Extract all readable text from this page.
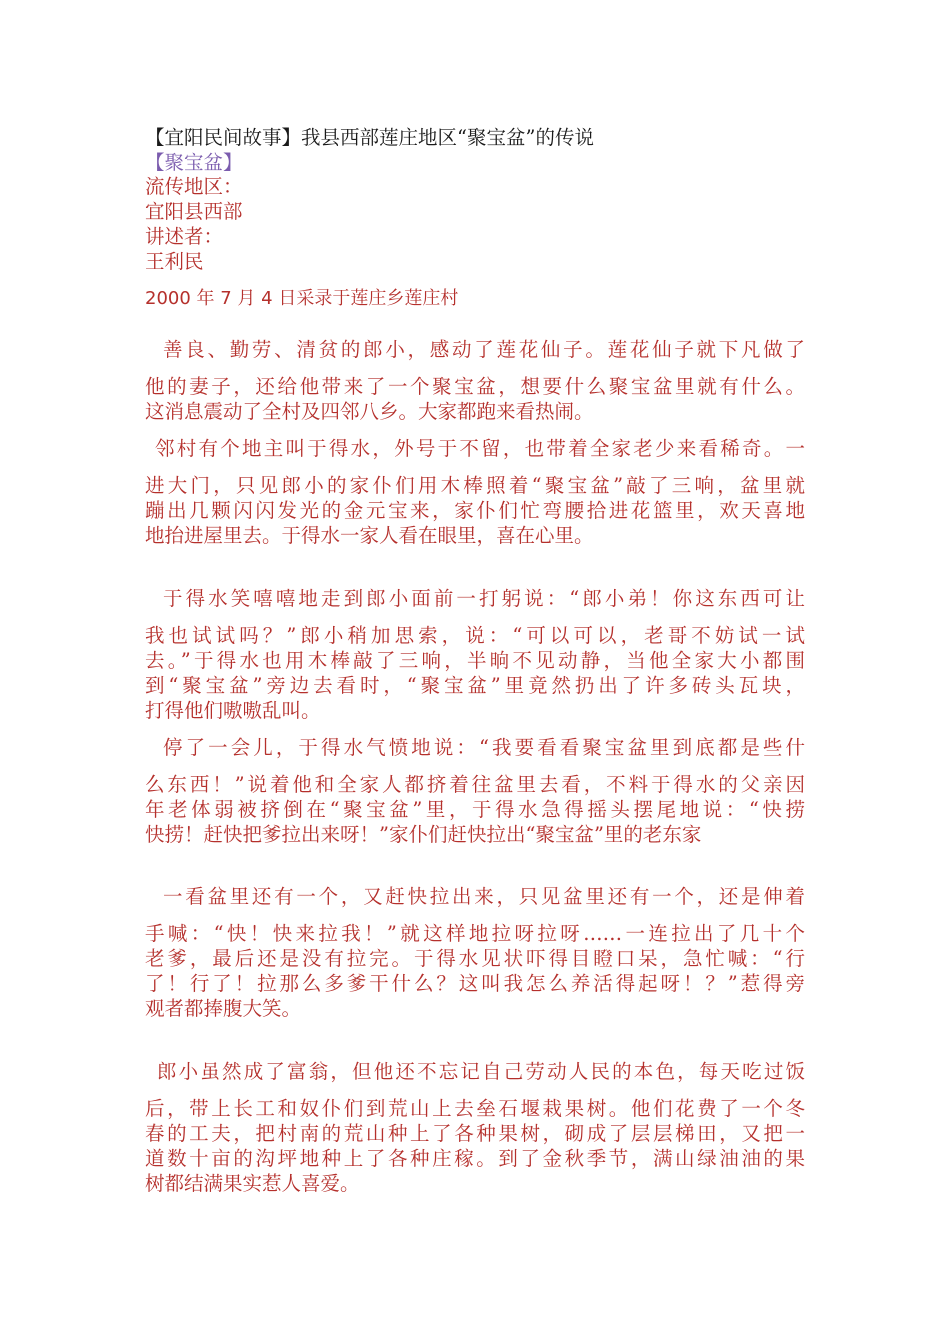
【宜阳民间故事】我县西部莲庄地区“聚宝盆”的传说
【聚宝盆】
流传地区：
宜阳县西部
讲述者：
王利民
2000 年 7 月 4 日采录于莲庄乡莲庄村
善良、勤劳、清贫的郎小，感动了莲花仙子。莲花仙子就下凡做了
他的妻子，还给他带来了一个聚宝盆，想要什么聚宝盆里就有什么。
这消息震动了全村及四邻八乡。大家都跑来看热闹。
邻村有个地主叫于得水，外号于不留，也带着全家老少来看稀奇。一
进大门，只见郎小的家仆们用木棒照着“聚宝盆”敲了三响，盆里就
蹦出几颗闪闪发光的金元宝来，家仆们忙弯腰拾进花篮里，欢天喜地
地抬进屋里去。于得水一家人看在眼里，喜在心里。
于得水笑嘻嘻地走到郎小面前一打躬说：“郎小弟！你这东西可让
我也试试吗？”郎小稍加思索，说：“可以可以，老哥不妨试一试
去。”于得水也用木棒敲了三响，半晌不见动静，当他全家大小都围
到“聚宝盆”旁边去看时，“聚宝盆”里竟然扔出了许多砖头瓦块，
打得他们嗷嗷乱叫。
停了一会儿，于得水气愤地说：“我要看看聚宝盆里到底都是些什
么东西！”说着他和全家人都挤着往盆里去看，不料于得水的父亲因
年老体弱被挤倒在“聚宝盆”里，于得水急得摇头摆尾地说：“快捞
快捞！赶快把爹拉出来呀！”家仆们赶快拉出“聚宝盆”里的老东家
一看盆里还有一个，又赶快拉出来，只见盆里还有一个，还是伸着
手喊：“快！快来拉我！”就这样地拉呀拉呀……一连拉出了几十个
老爹，最后还是没有拉完。于得水见状吓得目瞪口呆，急忙喊：“行
了！行了！拉那么多爹干什么？这叫我怎么养活得起呀！？”惹得旁
观者都捧腹大笑。
郎小虽然成了富翁，但他还不忘记自己劳动人民的本色，每天吃过饭
后，带上长工和奴仆们到荒山上去垒石堰栽果树。他们花费了一个冬
春的工夫，把村南的荒山种上了各种果树，砌成了层层梯田，又把一
道数十亩的沟坪地种上了各种庄稼。到了金秋季节，满山绿油油的果
树都结满果实惹人喜爱。
